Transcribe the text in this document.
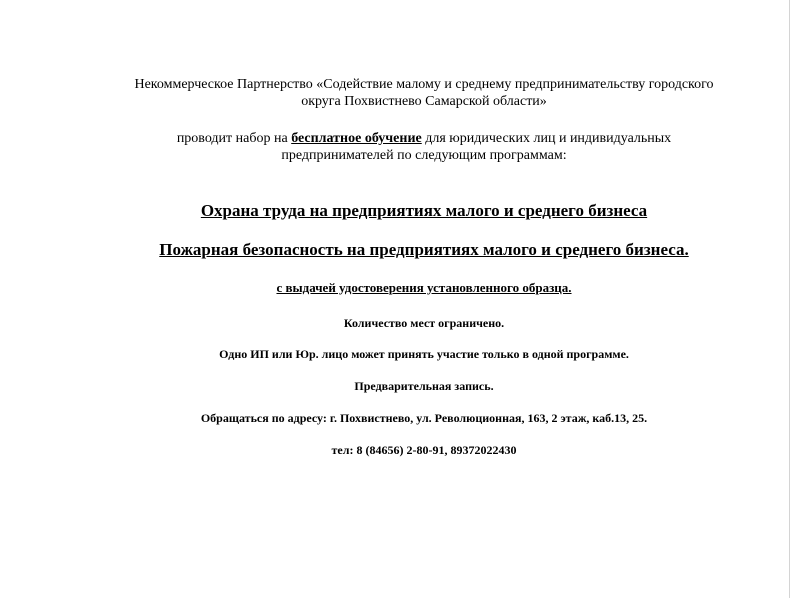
Некоммерческое Партнерство «Содействие малому и среднему предпринимательству городского
округа Похвистнево Самарской области»
проводит набор на бесплатное обучение для юридических лиц и индивидуальных
предпринимателей по следующим программам:
Охрана труда на предприятиях малого и среднего бизнеса
Пожарная безопасность на предприятиях малого и среднего бизнеса.
с выдачей удостоверения установленного образца.
Количество мест ограничено.
Одно ИП или Юр. лицо может принять участие только в одной программе.
Предварительная запись.
Обращаться по адресу: г. Похвистнево, ул. Революционная, 163, 2 этаж, каб.13, 25.
тел: 8 (84656) 2-80-91, 89372022430
